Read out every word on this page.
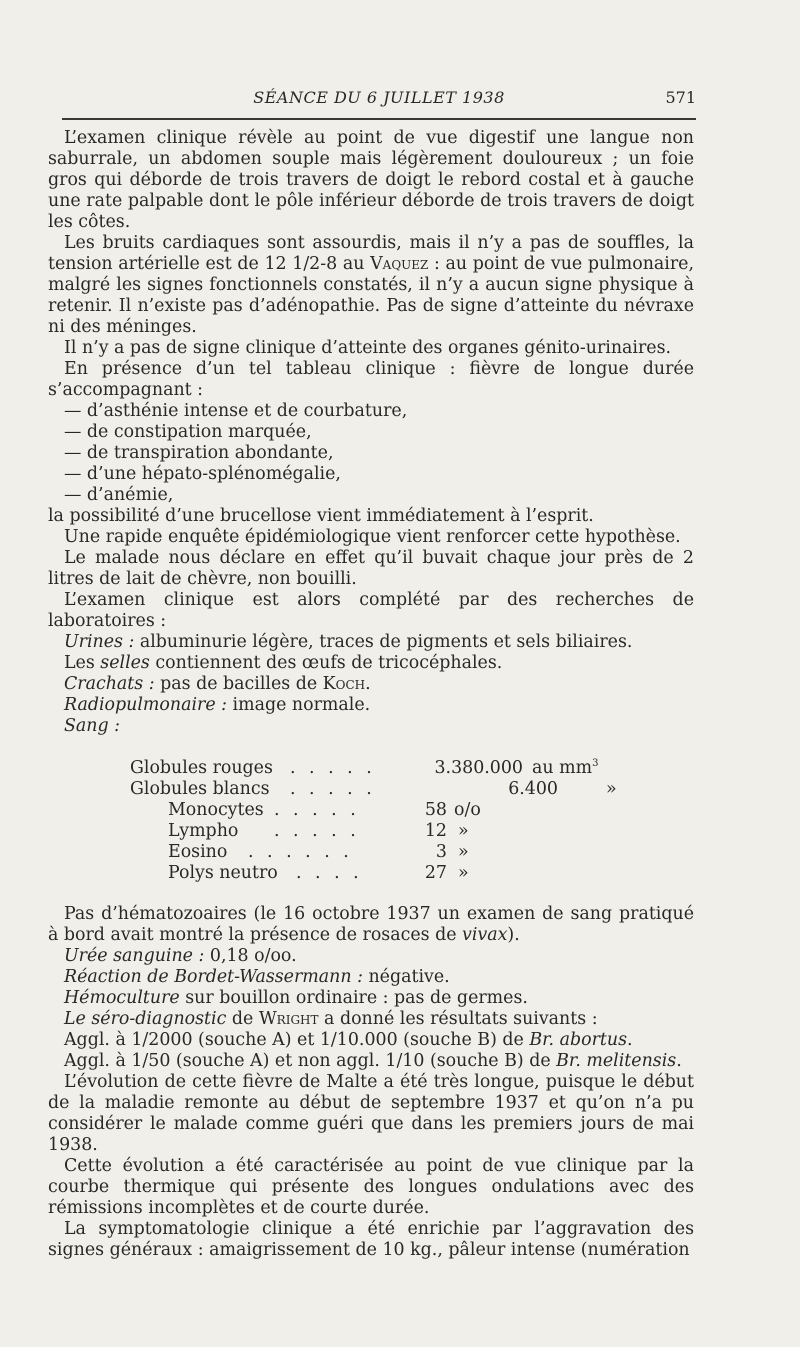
SÉANCE DU 6 JUILLET 1938	571

L’examen clinique révèle au point de vue digestif une langue non saburrale, un abdomen souple mais légèrement douloureux ; un foie gros qui déborde de trois travers de doigt le rebord costal et à gauche une rate palpable dont le pôle inférieur déborde de trois travers de doigt les côtes.

Les bruits cardiaques sont assourdis, mais il n’y a pas de souffles, la tension artérielle est de 12 1/2-8 au Vaquez : au point de vue pulmonaire, malgré les signes fonctionnels constatés, il n’y a aucun signe physique à retenir. Il n’existe pas d’adénopathie. Pas de signe d’atteinte du névraxe ni des méninges.

Il n’y a pas de signe clinique d’atteinte des organes génito-urinaires.

En présence d’un tel tableau clinique : fièvre de longue durée s’accompagnant :

— d’asthénie intense et de courbature,
— de constipation marquée,
— de transpiration abondante,
— d’une hépato-splénomégalie,
— d’anémie,

la possibilité d’une brucellose vient immédiatement à l’esprit.

Une rapide enquête épidémiologique vient renforcer cette hypothèse.

Le malade nous déclare en effet qu’il buvait chaque jour près de 2 litres de lait de chèvre, non bouilli.

L’examen clinique est alors complété par des recherches de laboratoires :

Urines : albuminurie légère, traces de pigments et sels biliaires.
Les selles contiennent des œufs de tricocéphales.
Crachats : pas de bacilles de Koch.
Radiopulmonaire : image normale.
Sang :
Globules rouges . . . . .	3.380.000 au $mm^3$
Globules blancs . . . . .	6.400	»
Monocytes . . . . .	58 o/o
Lympho . . . . .	12 »
Eosino . . . . . .	3 »
Polys neutro . . . .	27 »

Pas d’hématozoaires (le 16 octobre 1937 un examen de sang pratiqué à bord avait montré la présence de rosaces de vivax).

Urée sanguine : 0,18 o/oo.
Réaction de Bordet-Wassermann : négative.
Hémoculture sur bouillon ordinaire : pas de germes.
Le séro-diagnostic de Wright a donné les résultats suivants :

Aggl. à 1/2000 (souche A) et 1/10.000 (souche B) de Br. abortus.

Aggl. à 1/50 (souche A) et non aggl. 1/10 (souche B) de Br. melitensis.

L’évolution de cette fièvre de Malte a été très longue, puisque le début de la maladie remonte au début de septembre 1937 et qu’on n’a pu considérer le malade comme guéri que dans les premiers jours de mai 1938.

Cette évolution a été caractérisée au point de vue clinique par la courbe thermique qui présente des longues ondulations avec des rémissions incomplètes et de courte durée.

La symptomatologie clinique a été enrichie par l’aggravation des signes généraux : amaigrissement de 10 kg., pâleur intense (numération
